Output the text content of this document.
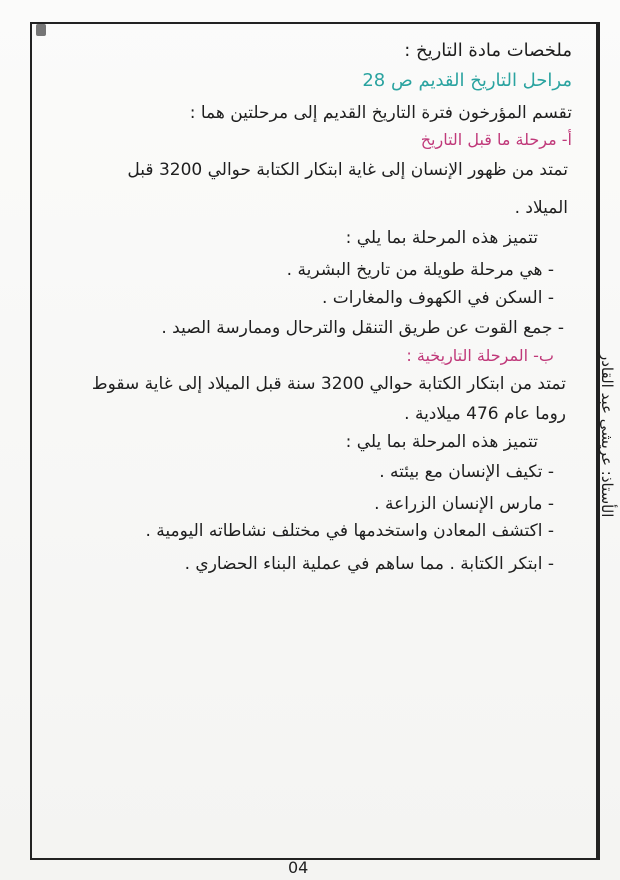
الأستاذ: عريشي عبد القادر
ملخصات مادة التاريخ :
مراحل التاريخ القديم ص 28
تقسم المؤرخون فترة التاريخ القديم إلى مرحلتين هما :
أ- مرحلة ما قبل التاريخ
تمتد من ظهور الإنسان إلى غاية ابتكار الكتابة حوالي 3200 قبل
الميلاد .
تتميز هذه المرحلة بما يلي :
- هي مرحلة طويلة من تاريخ البشرية .
- السكن في الكهوف والمغارات .
- جمع القوت عن طريق التنقل والترحال وممارسة الصيد .
ب- المرحلة التاريخية :
تمتد من ابتكار الكتابة حوالي 3200 سنة قبل الميلاد إلى غاية سقوط
روما عام 476 ميلادية .
تتميز هذه المرحلة بما يلي :
- تكيف الإنسان مع بيئته .
- مارس الإنسان الزراعة .
- اكتشف المعادن واستخدمها في مختلف نشاطاته اليومية .
- ابتكر الكتابة . مما ساهم في عملية البناء الحضاري .
04
